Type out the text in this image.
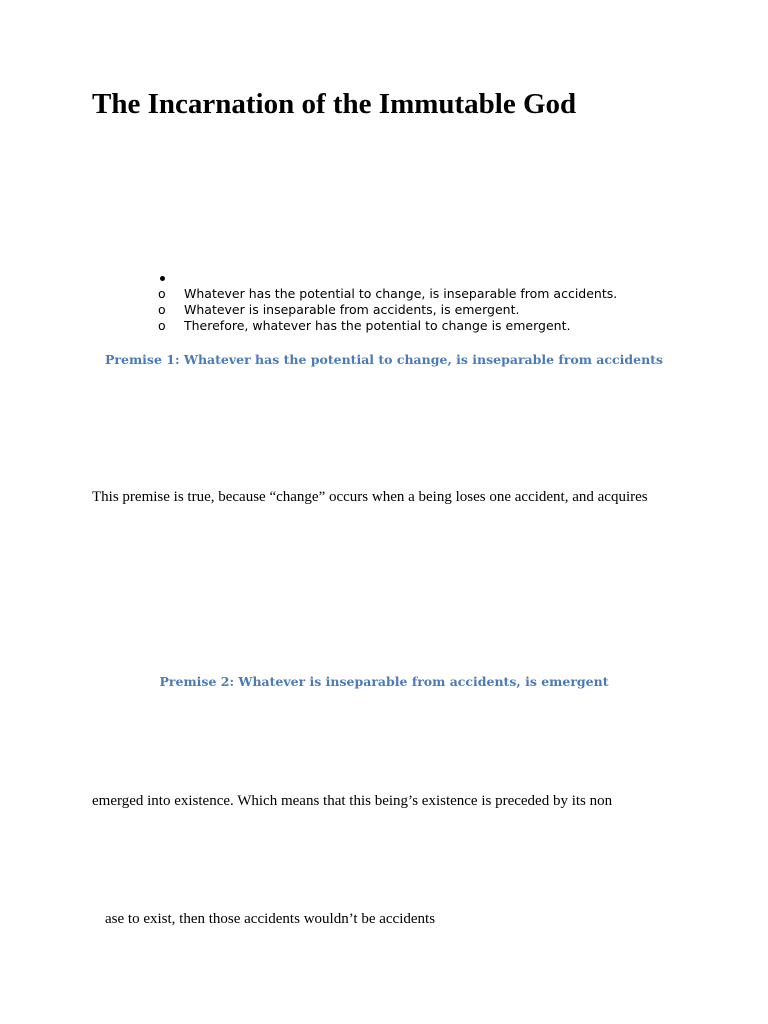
The Incarnation of the Immutable God
o	Whatever has the potential to change, is inseparable from accidents.
o	Whatever is inseparable from accidents, is emergent.
o	Therefore, whatever has the potential to change is emergent.
Premise 1: Whatever has the potential to change, is inseparable from accidents

This premise is true, because “change” occurs when a being loses one accident, and acquires

Premise 2: Whatever is inseparable from accidents, is emergent

emerged into existence. Which means that this being’s existence is preceded by its non

ase to exist, then those accidents wouldn’t be accidents
